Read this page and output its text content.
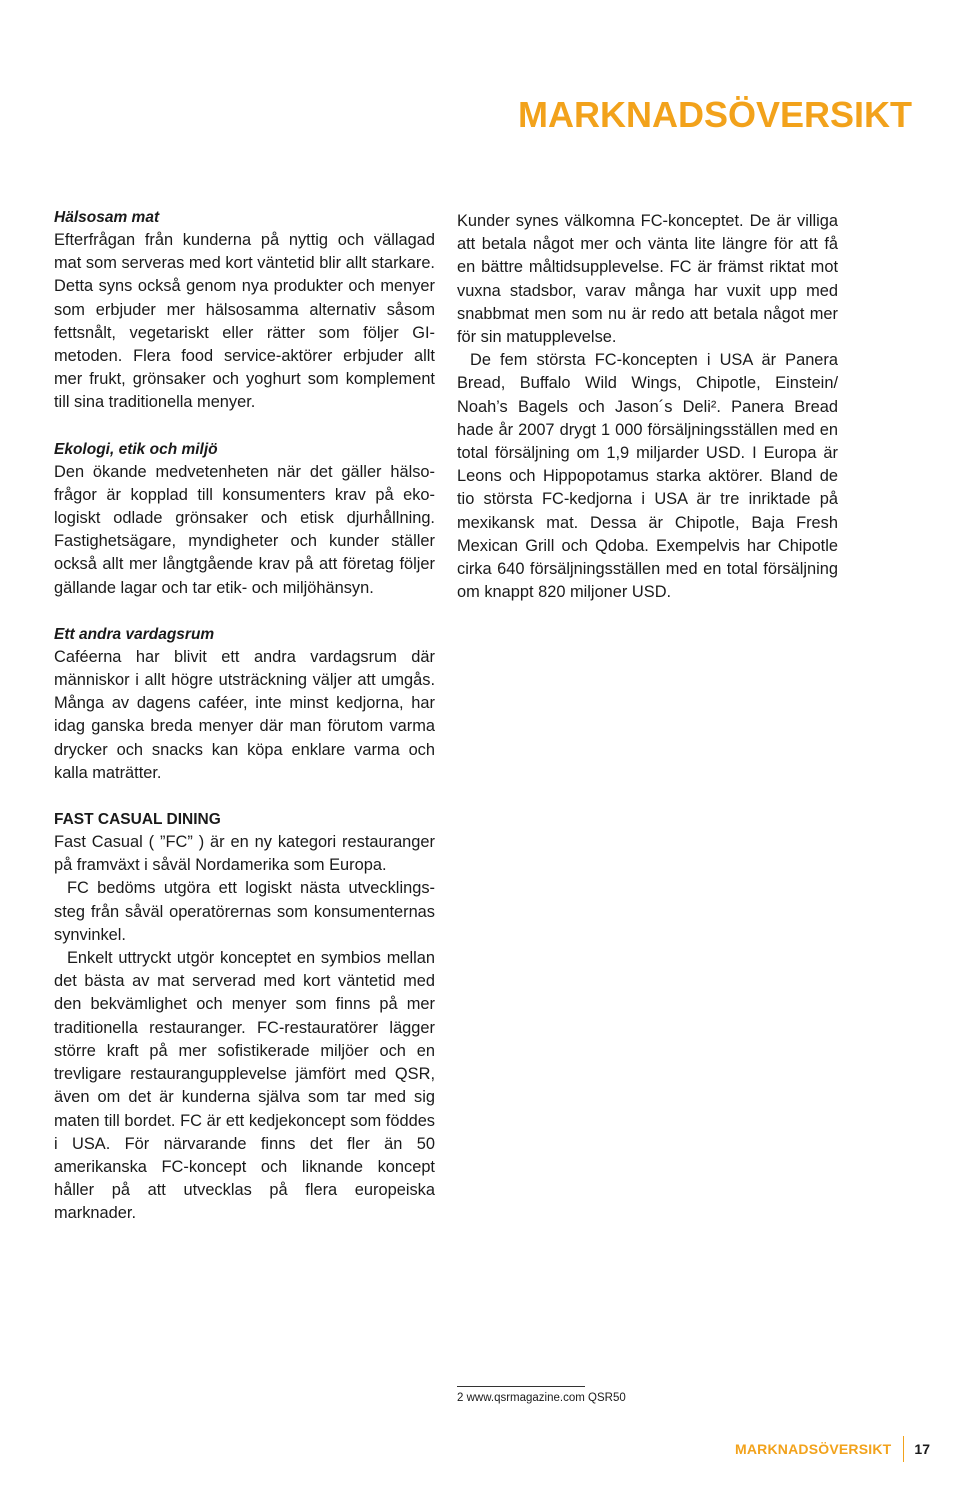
MARKNADSÖVERSIKT
Hälsosam mat

Efterfrågan från kunderna på nyttig och vällagad mat som serveras med kort väntetid blir allt starkare. Detta syns också genom nya produkter och menyer som erbjuder mer hälsosamma alternativ såsom fettsnålt, vegetariskt eller rätter som följer GI-metoden. Flera food service-aktörer erbjuder allt mer frukt, grönsaker och yoghurt som komplement till sina traditionella menyer.

Ekologi, etik och miljö

Den ökande medvetenheten när det gäller hälsofrågor är kopplad till konsumenters krav på ekologiskt odlade grönsaker och etisk djurhållning. Fastighetsägare, myndigheter och kunder ställer också allt mer långtgående krav på att företag följer gällande lagar och tar etik- och miljöhänsyn.

Ett andra vardagsrum

Caféerna har blivit ett andra vardagsrum där människor i allt högre utsträckning väljer att umgås. Många av dagens caféer, inte minst kedjorna, har idag ganska breda menyer där man förutom varma drycker och snacks kan köpa enklare varma och kalla maträtter.

FAST CASUAL DINING

Fast Casual ( ”FC” ) är en ny kategori restauranger på framväxt i såväl Nordamerika som Europa.

FC bedöms utgöra ett logiskt nästa utvecklingssteg från såväl operatörernas som konsumenternas synvinkel.

Enkelt uttryckt utgör konceptet en symbios mellan det bästa av mat serverad med kort väntetid med den bekvämlighet och menyer som finns på mer traditionella restauranger. FC-restauratörer lägger större kraft på mer sofistikerade miljöer och en trevligare restaurangupplevelse jämfört med QSR, även om det är kunderna själva som tar med sig maten till bordet. FC är ett kedjekoncept som föddes i USA. För närvarande finns det fler än 50 amerikanska FC-koncept och liknande koncept håller på att utvecklas på flera europeiska marknader.

Kunder synes välkomna FC-konceptet. De är villiga att betala något mer och vänta lite längre för att få en bättre måltidsupplevelse. FC är främst riktat mot vuxna stadsbor, varav många har vuxit upp med snabbmat men som nu är redo att betala något mer för sin matupplevelse.

De fem största FC-koncepten i USA är Panera Bread, Buffalo Wild Wings, Chipotle, Einstein/ Noah’s Bagels och Jason´s Deli². Panera Bread hade år 2007 drygt 1 000 försäljningsställen med en total försäljning om 1,9 miljarder USD. I Europa är Leons och Hippopotamus starka aktörer. Bland de tio största FC-kedjorna i USA är tre inriktade på mexikansk mat. Dessa är Chipotle, Baja Fresh Mexican Grill och Qdoba. Exempelvis har Chipotle cirka 640 försäljningsställen med en total försäljning om knappt 820 miljoner USD.

2 www.qsrmagazine.com QSR50
MARKNADSÖVERSIKT 17
